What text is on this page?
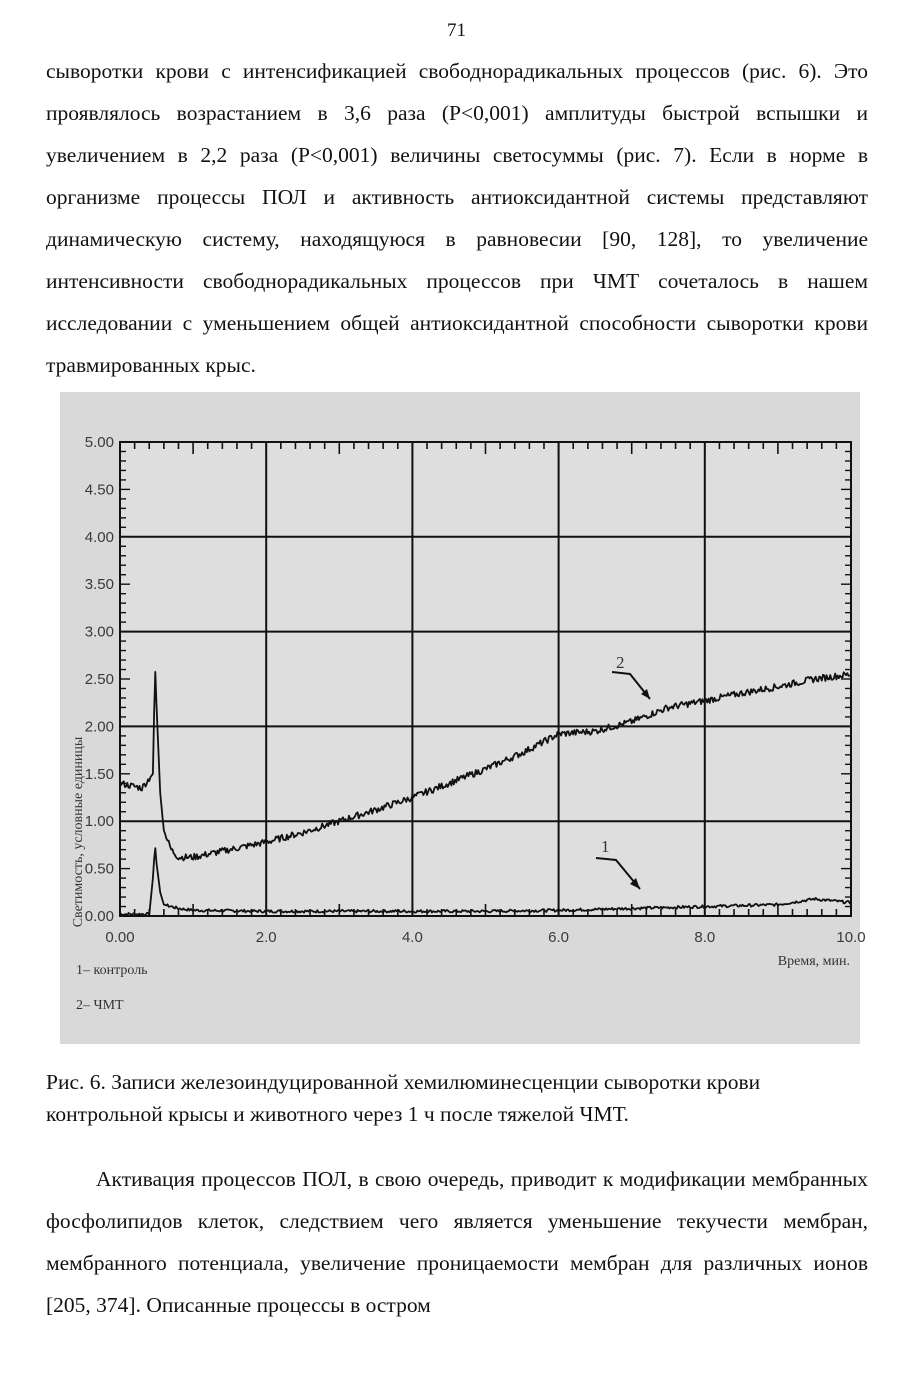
71

сыворотки крови с интенсификацией свободнорадикальных процессов (рис. 6). Это проявлялось возрастанием в 3,6 раза (Р<0,001) амплитуды быстрой вспышки и увеличением в 2,2 раза (Р<0,001) величины светосуммы (рис. 7). Если в норме в организме процессы ПОЛ и активность антиоксидантной системы представляют динамическую систему, находящуюся в равновесии [90, 128], то увеличение интенсивности свободнорадикальных процессов при ЧМТ сочеталось в нашем исследовании с уменьшением общей антиоксидантной способности сыворотки крови травмированных крыс.

0.00
0.50
1.00
1.50
2.00
2.50
3.00
3.50
4.00
4.50
5.00
0.00	2.0	4.0	6.0	8.0	10.0
Светимость, условные единицы
Время, мин.
1– контроль
2– ЧМТ
2
1

Рис. 6. Записи железоиндуцированной хемилюминесценции сыворотки крови контрольной крысы и животного через 1 ч после тяжелой ЧМТ.

Активация процессов ПОЛ, в свою очередь, приводит к модификации мембранных фосфолипидов клеток, следствием чего является уменьшение текучести мембран, мембранного потенциала, увеличение проницаемости мембран для различных ионов [205, 374]. Описанные процессы в остром
